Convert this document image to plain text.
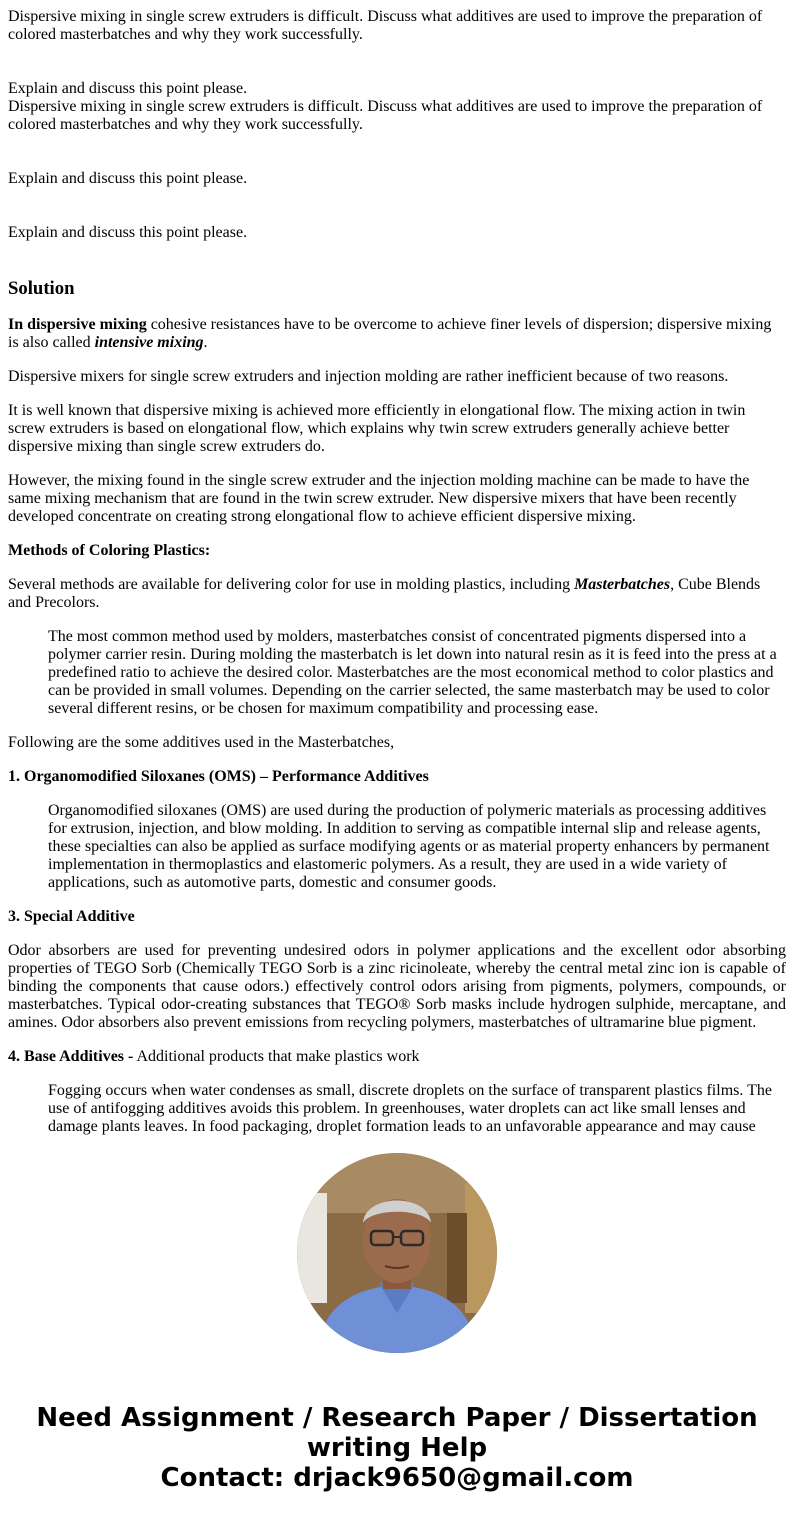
Dispersive mixing in single screw extruders is difficult. Discuss what additives are used to improve the preparation of colored masterbatches and why they work successfully.

Explain and discuss this point please.

Dispersive mixing in single screw extruders is difficult. Discuss what additives are used to improve the preparation of colored masterbatches and why they work successfully.

Explain and discuss this point please.

Explain and discuss this point please.

Solution

In dispersive mixing cohesive resistances have to be overcome to achieve finer levels of dispersion; dispersive mixing is also called intensive mixing.

Dispersive mixers for single screw extruders and injection molding are rather inefficient because of two reasons.

It is well known that dispersive mixing is achieved more efficiently in elongational flow. The mixing action in twin screw extruders is based on elongational flow, which explains why twin screw extruders generally achieve better dispersive mixing than single screw extruders do.

However, the mixing found in the single screw extruder and the injection molding machine can be made to have the same mixing mechanism that are found in the twin screw extruder. New dispersive mixers that have been recently developed concentrate on creating strong elongational flow to achieve efficient dispersive mixing.

Methods of Coloring Plastics:

Several methods are available for delivering color for use in molding plastics, including Masterbatches, Cube Blends and Precolors.

The most common method used by molders, masterbatches consist of concentrated pigments dispersed into a polymer carrier resin. During molding the masterbatch is let down into natural resin as it is feed into the press at a predefined ratio to achieve the desired color. Masterbatches are the most economical method to color plastics and can be provided in small volumes. Depending on the carrier selected, the same masterbatch may be used to color several different resins, or be chosen for maximum compatibility and processing ease.

Following are the some additives used in the Masterbatches,

1. Organomodified Siloxanes (OMS) – Performance Additives

Organomodified siloxanes (OMS) are used during the production of polymeric materials as processing additives for extrusion, injection, and blow molding. In addition to serving as compatible internal slip and release agents, these specialties can also be applied as surface modifying agents or as material property enhancers by permanent implementation in thermoplastics and elastomeric polymers. As a result, they are used in a wide variety of applications, such as automotive parts, domestic and consumer goods.

3. Special Additive

Odor absorbers are used for preventing undesired odors in polymer applications and the excellent odor absorbing properties of TEGO Sorb (Chemically TEGO Sorb is a zinc ricinoleate, whereby the central metal zinc ion is capable of binding the components that cause odors.) effectively control odors arising from pigments, polymers, compounds, or masterbatches. Typical odor-creating substances that TEGO® Sorb masks include hydrogen sulphide, mercaptane, and amines. Odor absorbers also prevent emissions from recycling polymers, masterbatches of ultramarine blue pigment.

4. Base Additives - Additional products that make plastics work

Fogging occurs when water condenses as small, discrete droplets on the surface of transparent plastics films. The use of antifogging additives avoids this problem. In greenhouses, water droplets can act like small lenses and damage plants leaves. In food packaging, droplet formation leads to an unfavorable appearance and may cause

Need Assignment / Research Paper / Dissertation
writing Help
Contact: drjack9650@gmail.com
